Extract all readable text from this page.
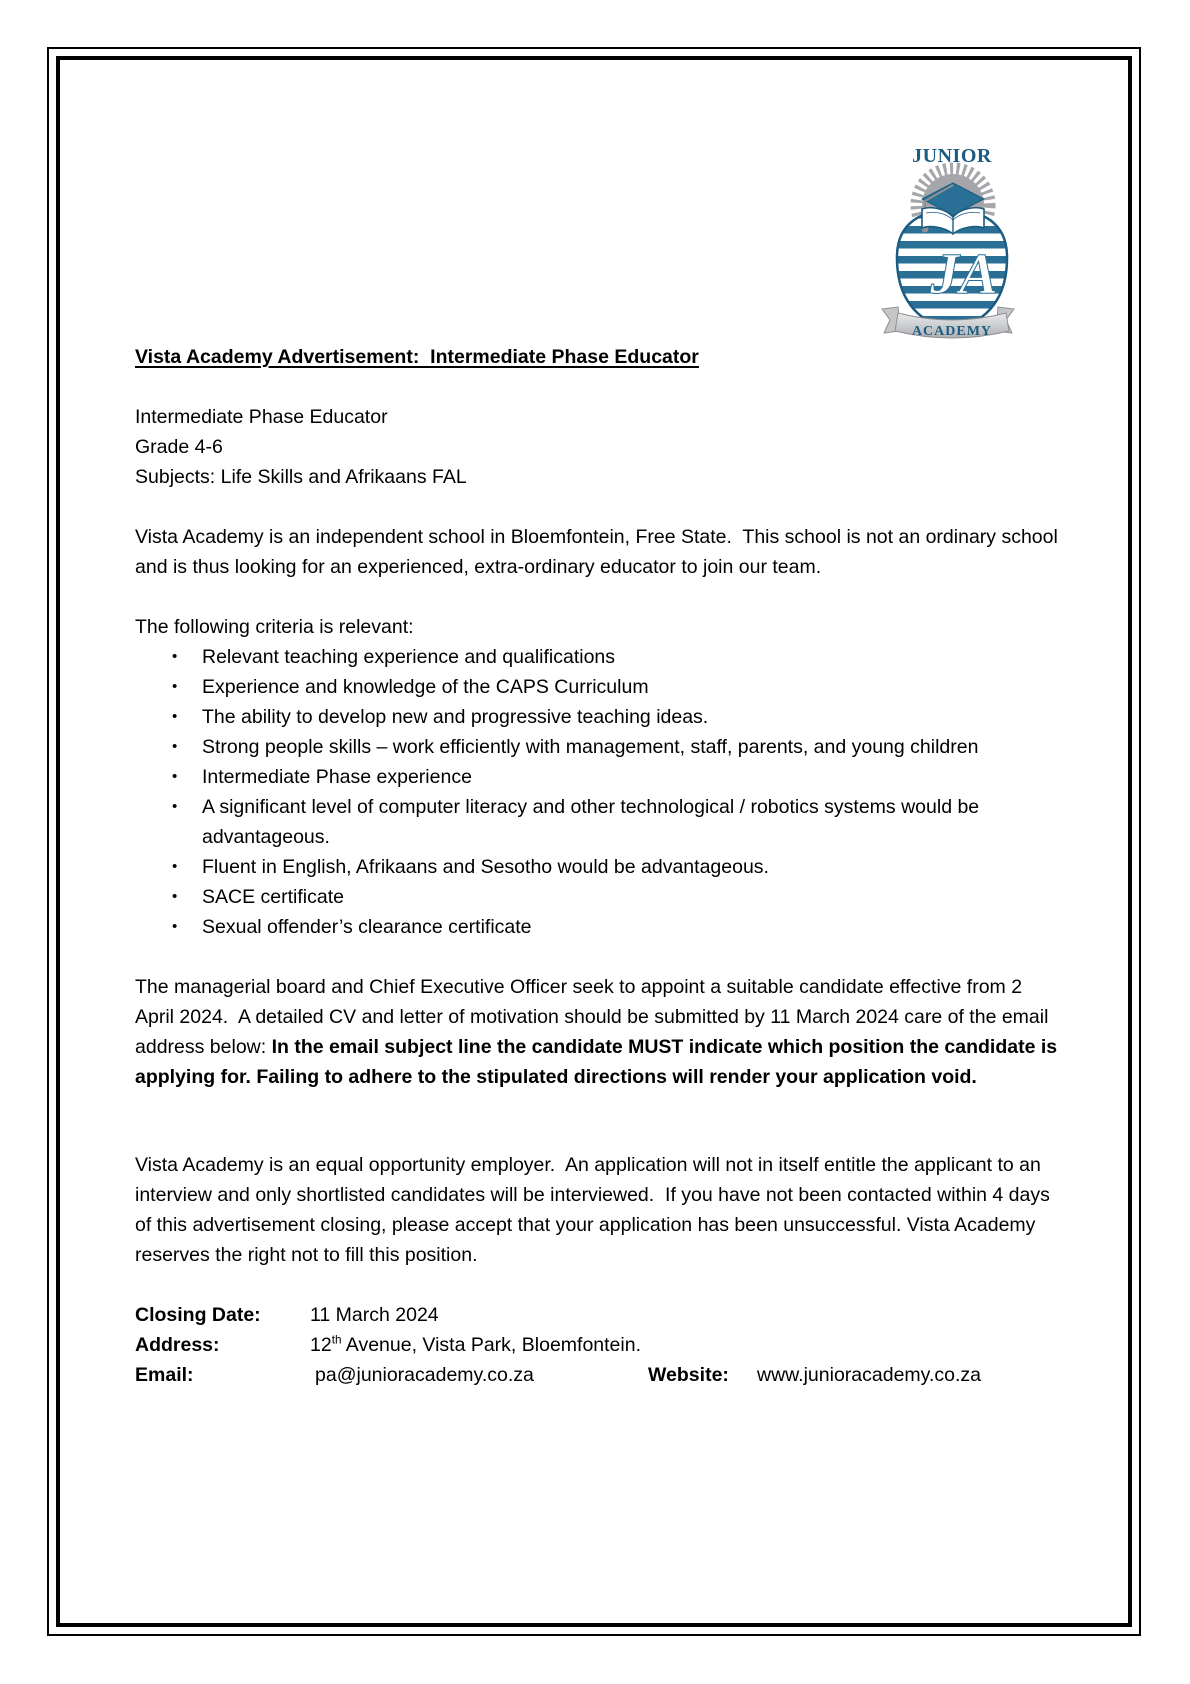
JUNIOR
JA
ACADEMY
Vista Academy Advertisement:  Intermediate Phase Educator
Intermediate Phase Educator
Grade 4-6
Subjects: Life Skills and Afrikaans FAL

Vista Academy is an independent school in Bloemfontein, Free State.  This school is not an ordinary school and is thus looking for an experienced, extra-ordinary educator to join our team.

The following criteria is relevant:
•	Relevant teaching experience and qualifications
•	Experience and knowledge of the CAPS Curriculum
•	The ability to develop new and progressive teaching ideas.
•	Strong people skills – work efficiently with management, staff, parents, and young children
•	Intermediate Phase experience
•	A significant level of computer literacy and other technological / robotics systems would be advantageous.
•	Fluent in English, Afrikaans and Sesotho would be advantageous.
•	SACE certificate
•	Sexual offender’s clearance certificate

The managerial board and Chief Executive Officer seek to appoint a suitable candidate effective from 2 April 2024.  A detailed CV and letter of motivation should be submitted by 11 March 2024 care of the email address below: In the email subject line the candidate MUST indicate which position the candidate is applying for. Failing to adhere to the stipulated directions will render your application void.

Vista Academy is an equal opportunity employer.  An application will not in itself entitle the applicant to an interview and only shortlisted candidates will be interviewed.  If you have not been contacted within 4 days of this advertisement closing, please accept that your application has been unsuccessful. Vista Academy reserves the right not to fill this position.

Closing Date:	11 March 2024
Address:	12th Avenue, Vista Park, Bloemfontein.
Email:	pa@junioracademy.co.za	Website:	www.junioracademy.co.za
